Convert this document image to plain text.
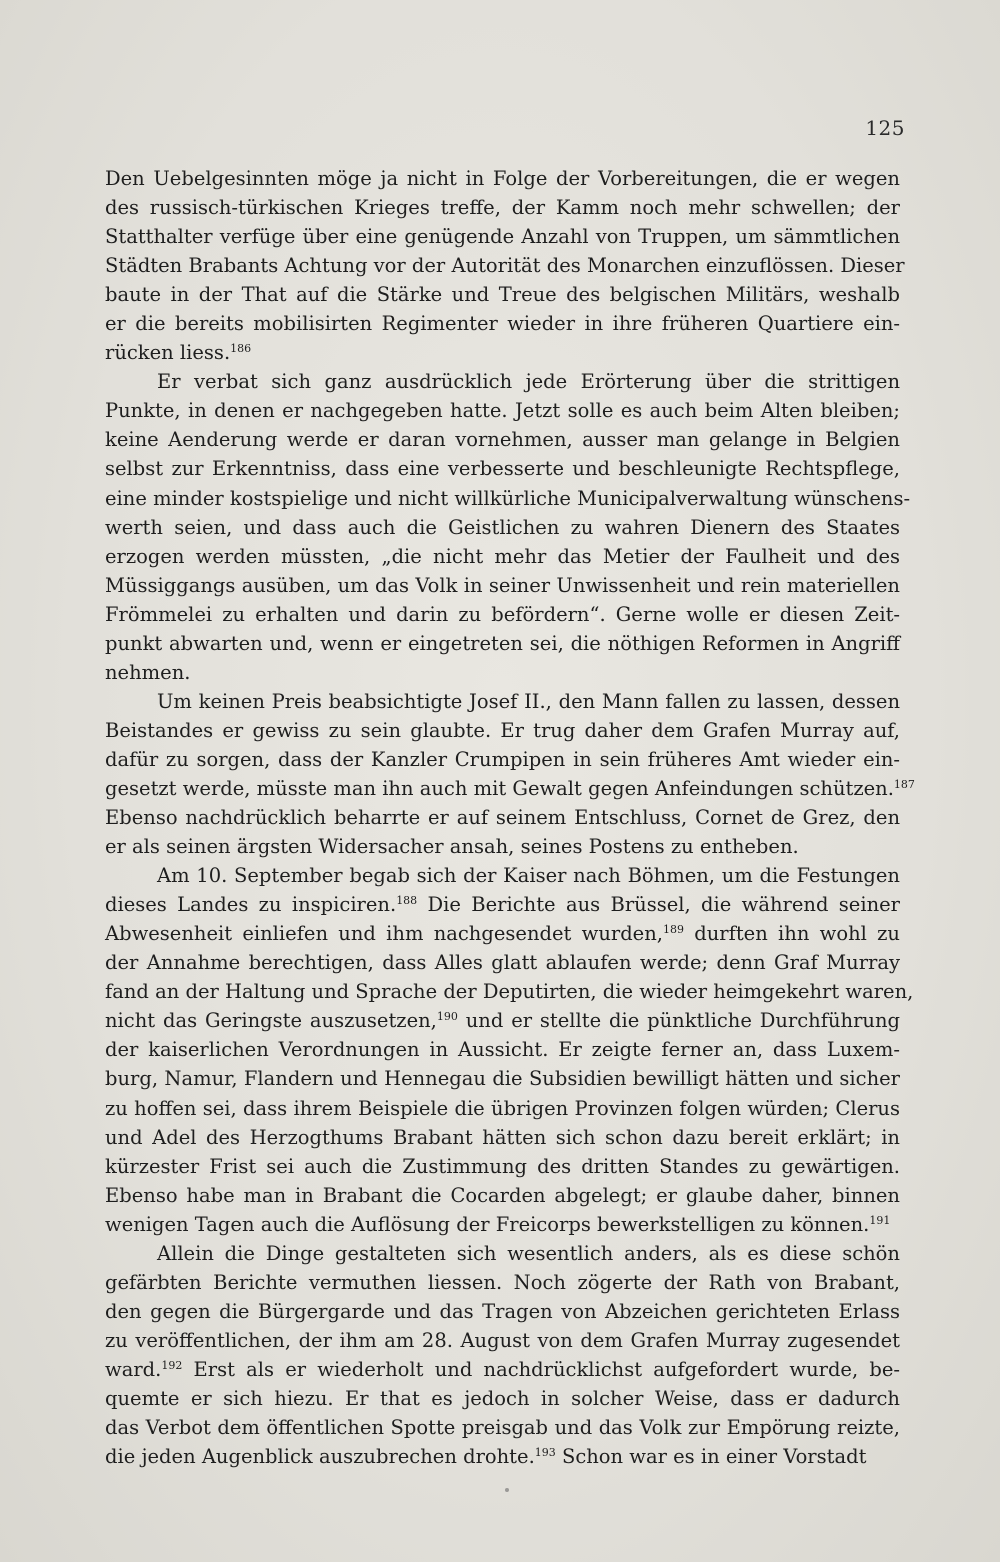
125
Den Uebelgesinnten möge ja nicht in Folge der Vorbereitungen, die er wegen
des russisch-türkischen Krieges treffe, der Kamm noch mehr schwellen; der
Statthalter verfüge über eine genügende Anzahl von Truppen, um sämmtlichen
Städten Brabants Achtung vor der Autorität des Monarchen einzuflössen. Dieser
baute in der That auf die Stärke und Treue des belgischen Militärs, weshalb
er die bereits mobilisirten Regimenter wieder in ihre früheren Quartiere ein-
rücken liess.$^{186}$
Er verbat sich ganz ausdrücklich jede Erörterung über die strittigen
Punkte, in denen er nachgegeben hatte. Jetzt solle es auch beim Alten bleiben;
keine Aenderung werde er daran vornehmen, ausser man gelange in Belgien
selbst zur Erkenntniss, dass eine verbesserte und beschleunigte Rechtspflege,
eine minder kostspielige und nicht willkürliche Municipalverwaltung wünschens-
werth seien, und dass auch die Geistlichen zu wahren Dienern des Staates
erzogen werden müssten, „die nicht mehr das Metier der Faulheit und des
Müssiggangs ausüben, um das Volk in seiner Unwissenheit und rein materiellen
Frömmelei zu erhalten und darin zu befördern“. Gerne wolle er diesen Zeit-
punkt abwarten und, wenn er eingetreten sei, die nöthigen Reformen in Angriff
nehmen.
Um keinen Preis beabsichtigte Josef II., den Mann fallen zu lassen, dessen
Beistandes er gewiss zu sein glaubte. Er trug daher dem Grafen Murray auf,
dafür zu sorgen, dass der Kanzler Crumpipen in sein früheres Amt wieder ein-
gesetzt werde, müsste man ihn auch mit Gewalt gegen Anfeindungen schützen.$^{187}$
Ebenso nachdrücklich beharrte er auf seinem Entschluss, Cornet de Grez, den
er als seinen ärgsten Widersacher ansah, seines Postens zu entheben.
Am 10. September begab sich der Kaiser nach Böhmen, um die Festungen
dieses Landes zu inspiciren.$^{188}$ Die Berichte aus Brüssel, die während seiner
Abwesenheit einliefen und ihm nachgesendet wurden,$^{189}$ durften ihn wohl zu
der Annahme berechtigen, dass Alles glatt ablaufen werde; denn Graf Murray
fand an der Haltung und Sprache der Deputirten, die wieder heimgekehrt waren,
nicht das Geringste auszusetzen,$^{190}$ und er stellte die pünktliche Durchführung
der kaiserlichen Verordnungen in Aussicht. Er zeigte ferner an, dass Luxem-
burg, Namur, Flandern und Hennegau die Subsidien bewilligt hätten und sicher
zu hoffen sei, dass ihrem Beispiele die übrigen Provinzen folgen würden; Clerus
und Adel des Herzogthums Brabant hätten sich schon dazu bereit erklärt; in
kürzester Frist sei auch die Zustimmung des dritten Standes zu gewärtigen.
Ebenso habe man in Brabant die Cocarden abgelegt; er glaube daher, binnen
wenigen Tagen auch die Auflösung der Freicorps bewerkstelligen zu können.$^{191}$
Allein die Dinge gestalteten sich wesentlich anders, als es diese schön
gefärbten Berichte vermuthen liessen. Noch zögerte der Rath von Brabant,
den gegen die Bürgergarde und das Tragen von Abzeichen gerichteten Erlass
zu veröffentlichen, der ihm am 28. August von dem Grafen Murray zugesendet
ward.$^{192}$ Erst als er wiederholt und nachdrücklichst aufgefordert wurde, be-
quemte er sich hiezu. Er that es jedoch in solcher Weise, dass er dadurch
das Verbot dem öffentlichen Spotte preisgab und das Volk zur Empörung reizte,
die jeden Augenblick auszubrechen drohte.$^{193}$ Schon war es in einer Vorstadt
